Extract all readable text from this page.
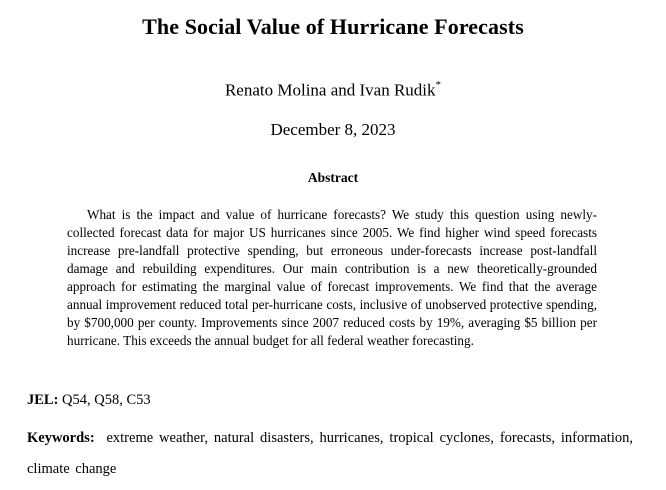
The Social Value of Hurricane Forecasts
Renato Molina and Ivan Rudik*
December 8, 2023
Abstract
What is the impact and value of hurricane forecasts? We study this question using newly-collected forecast data for major US hurricanes since 2005. We find higher wind speed forecasts increase pre-landfall protective spending, but erroneous under-forecasts increase post-landfall damage and rebuilding expenditures. Our main contribution is a new theoretically-grounded approach for estimating the marginal value of forecast improvements. We find that the average annual improvement reduced total per-hurricane costs, inclusive of unobserved protective spending, by $700,000 per county. Improvements since 2007 reduced costs by 19%, averaging $5 billion per hurricane. This exceeds the annual budget for all federal weather forecasting.
JEL: Q54, Q58, C53
Keywords: extreme weather, natural disasters, hurricanes, tropical cyclones, forecasts, information, climate change
